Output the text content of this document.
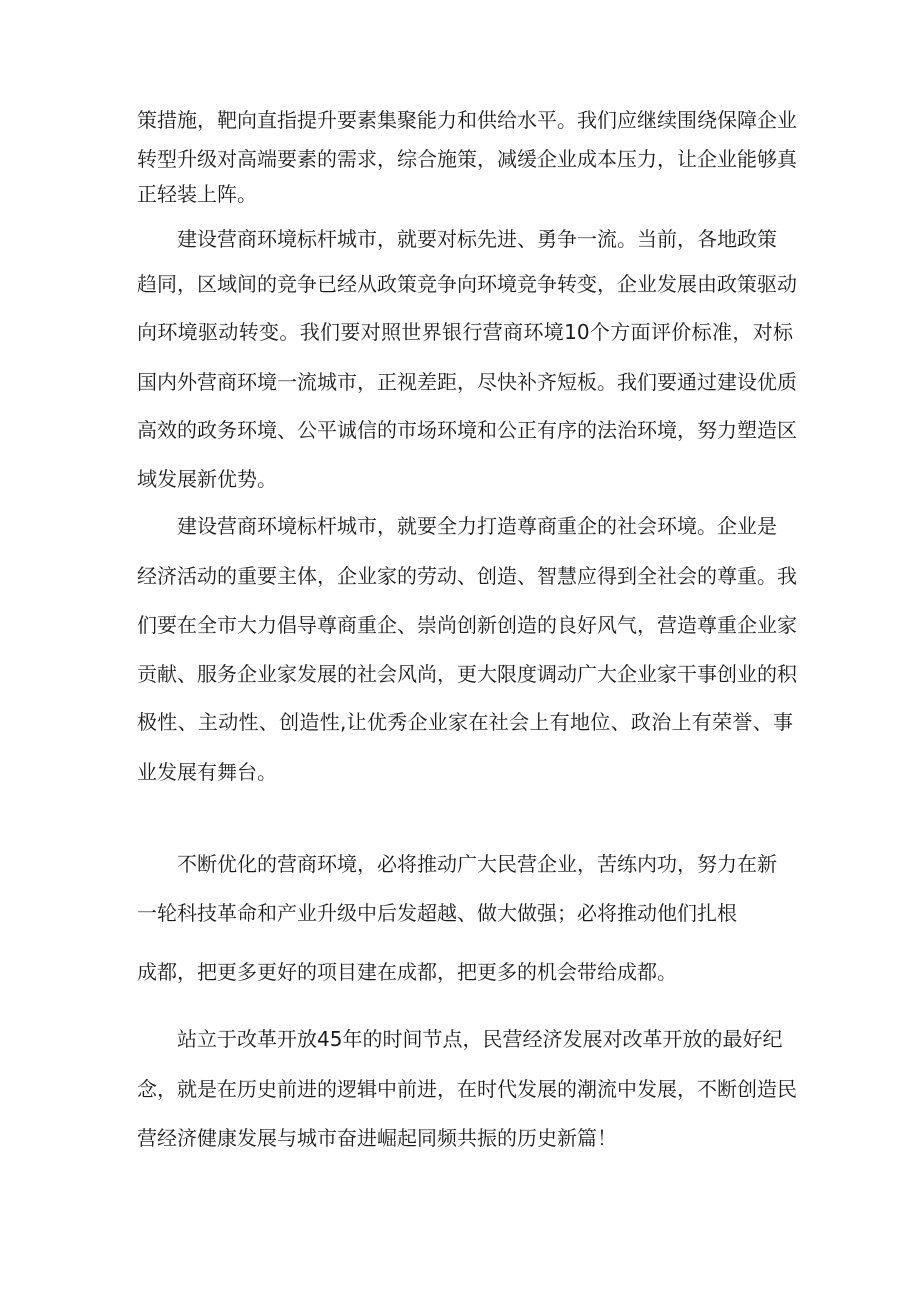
策措施，靶向直指提升要素集聚能力和供给水平。我们应继续围绕保障企业

转型升级对高端要素的需求，综合施策，减缓企业成本压力，让企业能够真

正轻装上阵。

建设营商环境标杆城市，就要对标先进、勇争一流。当前，各地政策

趋同，区域间的竞争已经从政策竞争向环境竞争转变，企业发展由政策驱动

向环境驱动转变。我们要对照世界银行营商环境10个方面评价标准，对标

国内外营商环境一流城市，正视差距，尽快补齐短板。我们要通过建设优质

高效的政务环境、公平诚信的市场环境和公正有序的法治环境，努力塑造区

域发展新优势。

建设营商环境标杆城市，就要全力打造尊商重企的社会环境。企业是

经济活动的重要主体，企业家的劳动、创造、智慧应得到全社会的尊重。我

们要在全市大力倡导尊商重企、崇尚创新创造的良好风气，营造尊重企业家

贡献、服务企业家发展的社会风尚，更大限度调动广大企业家干事创业的积

极性、主动性、创造性,让优秀企业家在社会上有地位、政治上有荣誉、事

业发展有舞台。

不断优化的营商环境，必将推动广大民营企业，苦练内功，努力在新

一轮科技革命和产业升级中后发超越、做大做强；必将推动他们扎根

成都，把更多更好的项目建在成都，把更多的机会带给成都。

站立于改革开放45年的时间节点，民营经济发展对改革开放的最好纪

念，就是在历史前进的逻辑中前进，在时代发展的潮流中发展，不断创造民

营经济健康发展与城市奋进崛起同频共振的历史新篇！
